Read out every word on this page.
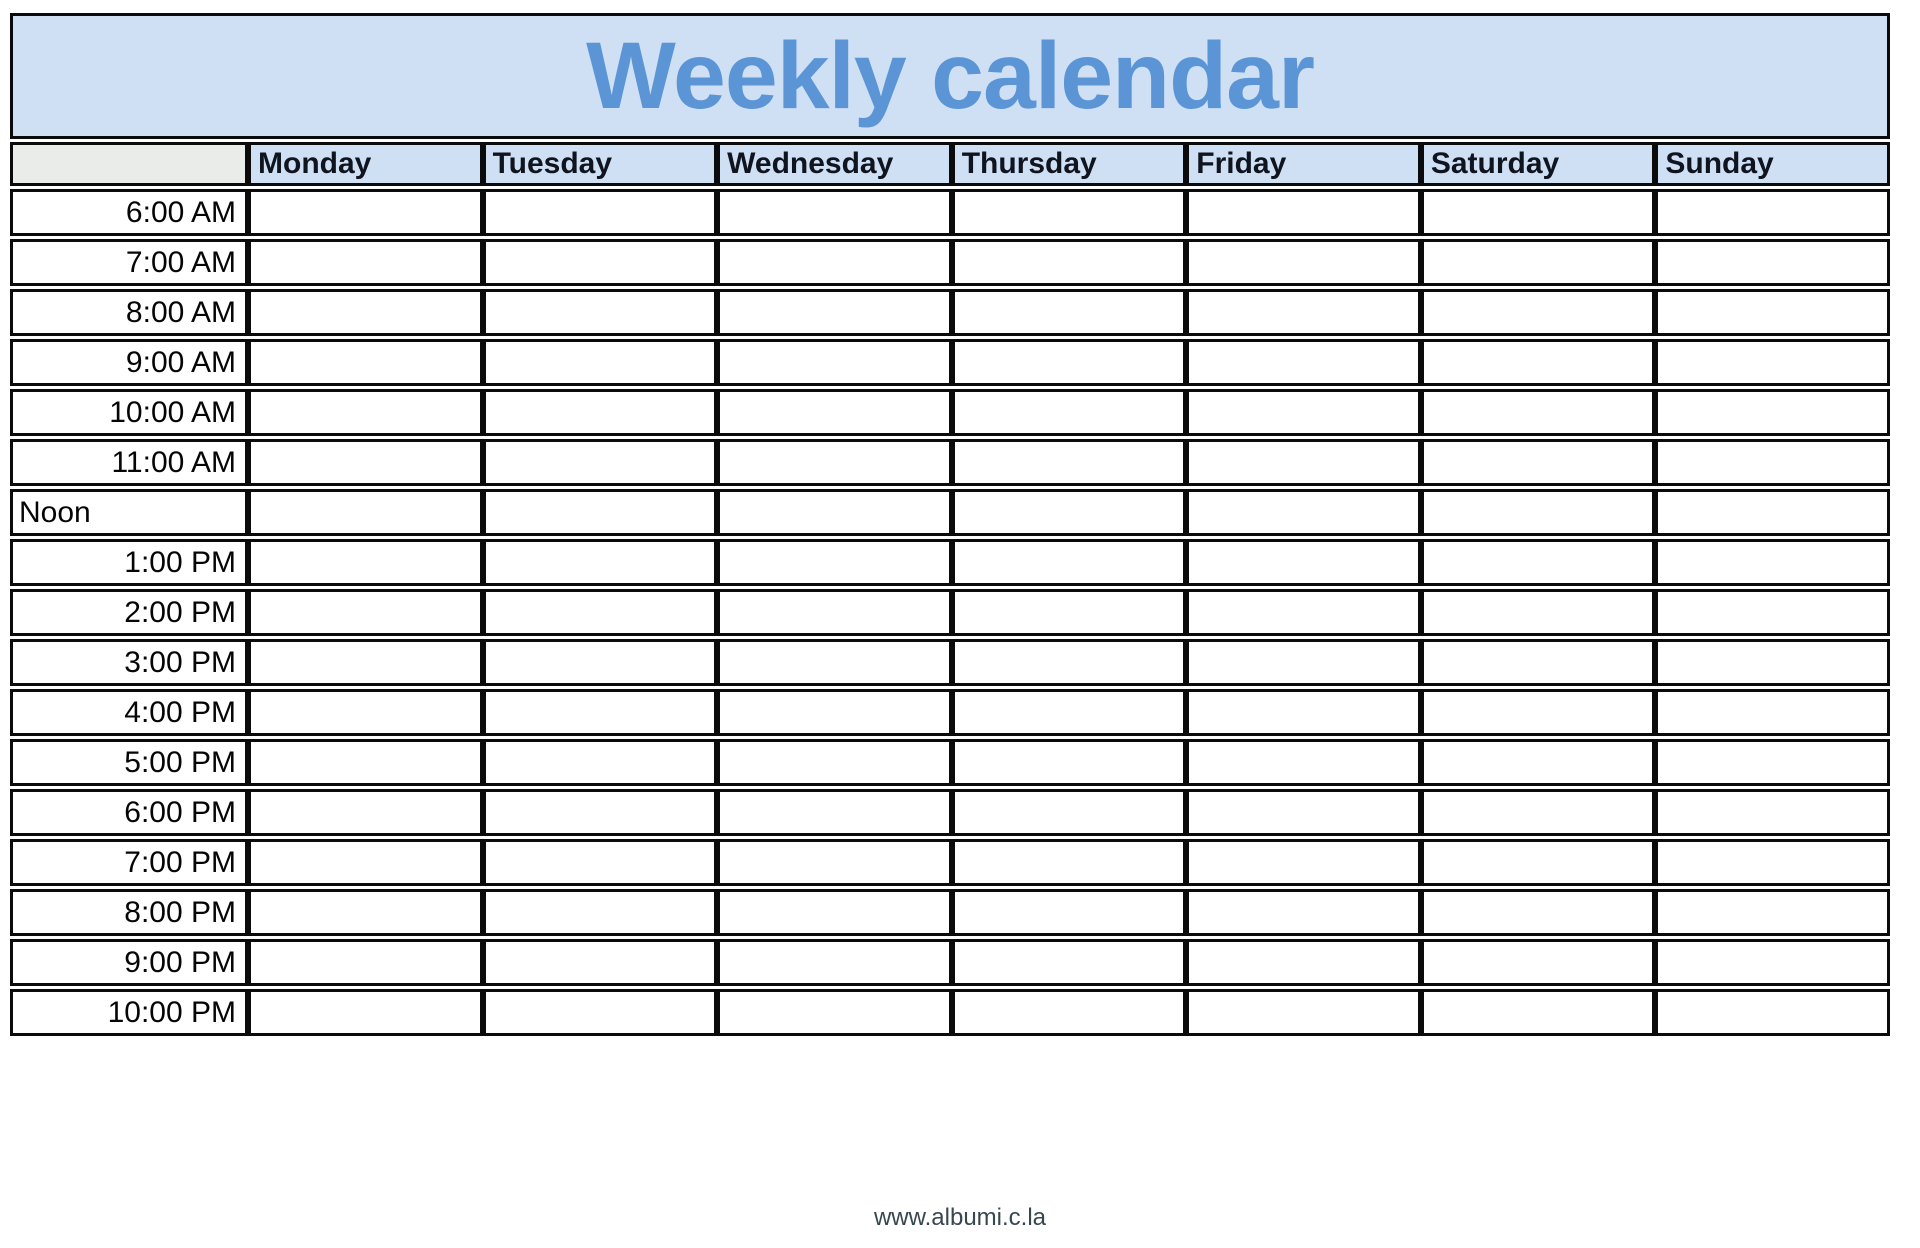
Weekly calendar							
	Monday	Tuesday	Wednesday	Thursday	Friday	Saturday	Sunday
6:00 AM							
7:00 AM							
8:00 AM							
9:00 AM							
10:00 AM							
11:00 AM							
Noon							
1:00 PM							
2:00 PM							
3:00 PM							
4:00 PM							
5:00 PM							
6:00 PM							
7:00 PM							
8:00 PM							
9:00 PM							
10:00 PM							
www.albumi.c.la
